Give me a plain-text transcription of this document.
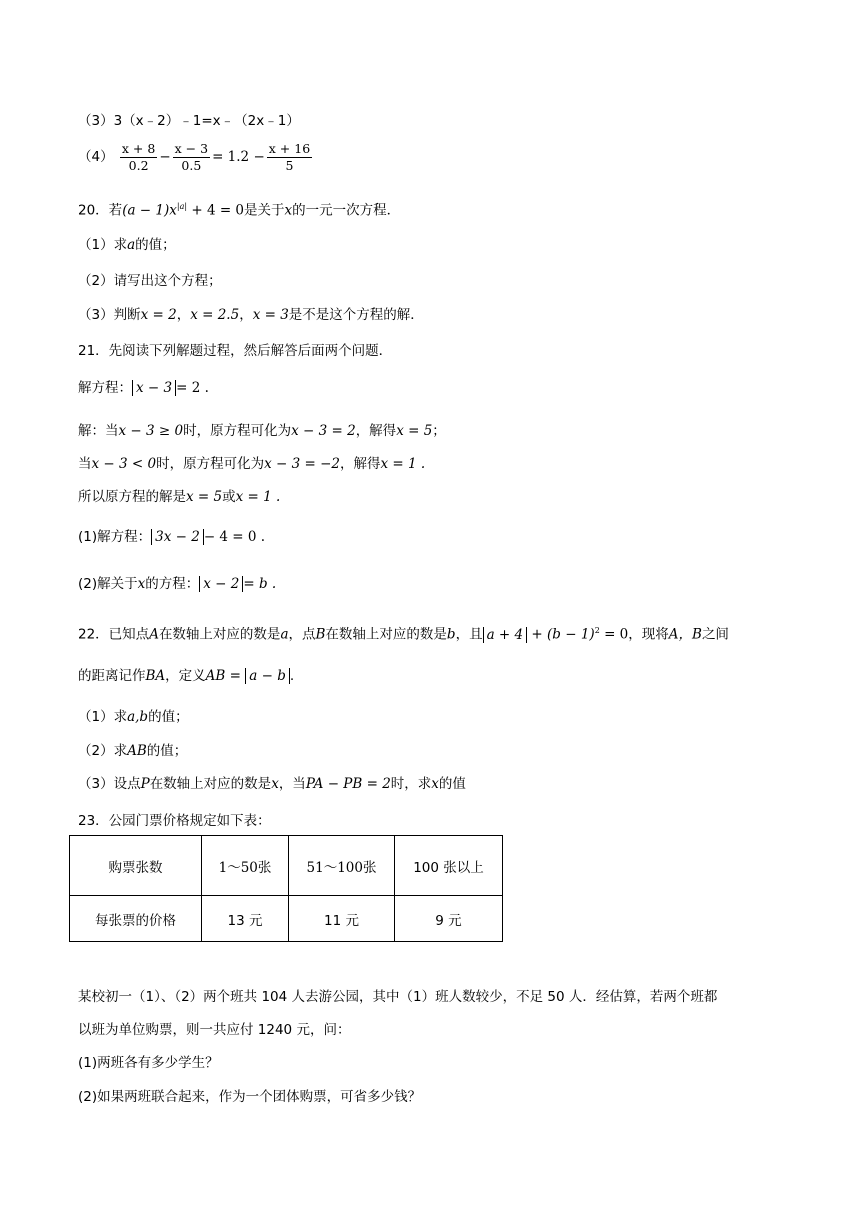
（3）3（x﹣2）﹣1=x﹣（2x﹣1）
$(4) \frac{x + 8}{0.2} - \frac{x - 3}{0.5} = 1.2 - \frac{x + 16}{5}$
20．若$(a - 1)x^{|a|} + 4 = 0$是关于x的一元一次方程．
（1）求a的值；
（2）请写出这个方程；
（3）判断x = 2，x = 2.5，x = 3是不是这个方程的解．
21．先阅读下列解题过程，然后解答后面两个问题．
解方程： x − 3 = 2 .
解：当x − 3 ≥ 0时，原方程可化为x − 3 = 2，解得x = 5；
当x − 3 < 0时，原方程可化为x − 3 = −2，解得x = 1 .
所以原方程的解是x = 5或x = 1 .
(1)解方程： 3x − 2 − 4 = 0 .
(2)解关于x的方程： x − 2 = b .
22．已知点A在数轴上对应的数是a，点B在数轴上对应的数是b，且 $a + 4 + (b - 1)^2 = 0$，现将A，B之间
的距离记作BA，定义AB = a − b .
（1）求a,b的值；
（2）求AB的值；
（3）设点P在数轴上对应的数是x，当PA − PB = 2时，求x的值
23．公园门票价格规定如下表：
购票张数	1～50张	51～100张	100 张以上
每张票的价格	13 元	11 元	9 元
某校初一（1）、（2）两个班共 104 人去游公园，其中（1）班人数较少，不足 50 人．经估算，若两个班都
以班为单位购票，则一共应付 1240 元，问：
(1)两班各有多少学生？
(2)如果两班联合起来，作为一个团体购票，可省多少钱？
